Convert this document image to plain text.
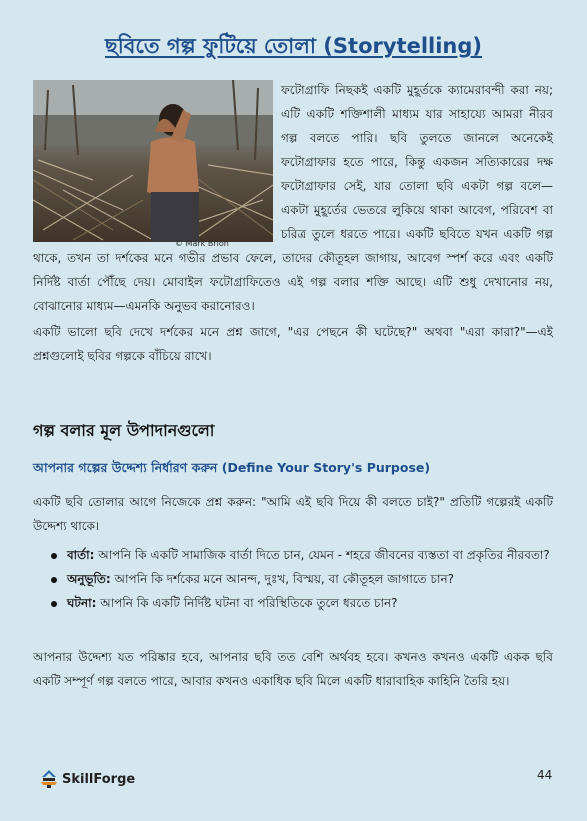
ছবিতে গল্প ফুটিয়ে তোলা (Storytelling)

© Mark Brion

ফটোগ্রাফি নিছকই একটি মুহূর্তকে ক্যামেরাবন্দী করা নয়; এটি একটি শক্তিশালী মাধ্যম যার সাহায্যে আমরা নীরব গল্প বলতে পারি। ছবি তুলতে জানলে অনেকেই ফটোগ্রাফার হতে পারে, কিন্তু একজন সত্যিকারের দক্ষ ফটোগ্রাফার সেই, যার তোলা ছবি একটা গল্প বলে—একটা মুহূর্তের ভেতরে লুকিয়ে থাকা আবেগ, পরিবেশ বা চরিত্র তুলে ধরতে পারে। একটি ছবিতে যখন একটি গল্প থাকে, তখন তা দর্শকের মনে গভীর প্রভাব ফেলে, তাদের কৌতূহল জাগায়, আবেগ স্পর্শ করে এবং একটি নির্দিষ্ট বার্তা পৌঁছে দেয়। মোবাইল ফটোগ্রাফিতেও এই গল্প বলার শক্তি আছে। এটি শুধু দেখানোর নয়, বোঝানোর মাধ্যম—এমনকি অনুভব করানোরও।

একটি ভালো ছবি দেখে দর্শকের মনে প্রশ্ন জাগে, "এর পেছনে কী ঘটেছে?" অথবা "এরা কারা?"—এই প্রশ্নগুলোই ছবির গল্পকে বাঁচিয়ে রাখে।

গল্প বলার মূল উপাদানগুলো
আপনার গল্পের উদ্দেশ্য নির্ধারণ করুন (Define Your Story's Purpose)

একটি ছবি তোলার আগে নিজেকে প্রশ্ন করুন: "আমি এই ছবি দিয়ে কী বলতে চাই?" প্রতিটি গল্পেরই একটি উদ্দেশ্য থাকে।

বার্তা: আপনি কি একটি সামাজিক বার্তা দিতে চান, যেমন - শহরে জীবনের ব্যস্ততা বা প্রকৃতির নীরবতা?
অনুভূতি: আপনি কি দর্শকের মনে আনন্দ, দুঃখ, বিস্ময়, বা কৌতূহল জাগাতে চান?
ঘটনা: আপনি কি একটি নির্দিষ্ট ঘটনা বা পরিস্থিতিকে তুলে ধরতে চান?

আপনার উদ্দেশ্য যত পরিষ্কার হবে, আপনার ছবি তত বেশি অর্থবহ হবে। কখনও কখনও একটি একক ছবি একটি সম্পূর্ণ গল্প বলতে পারে, আবার কখনও একাধিক ছবি মিলে একটি ধারাবাহিক কাহিনি তৈরি হয়।

SkillForge	44
